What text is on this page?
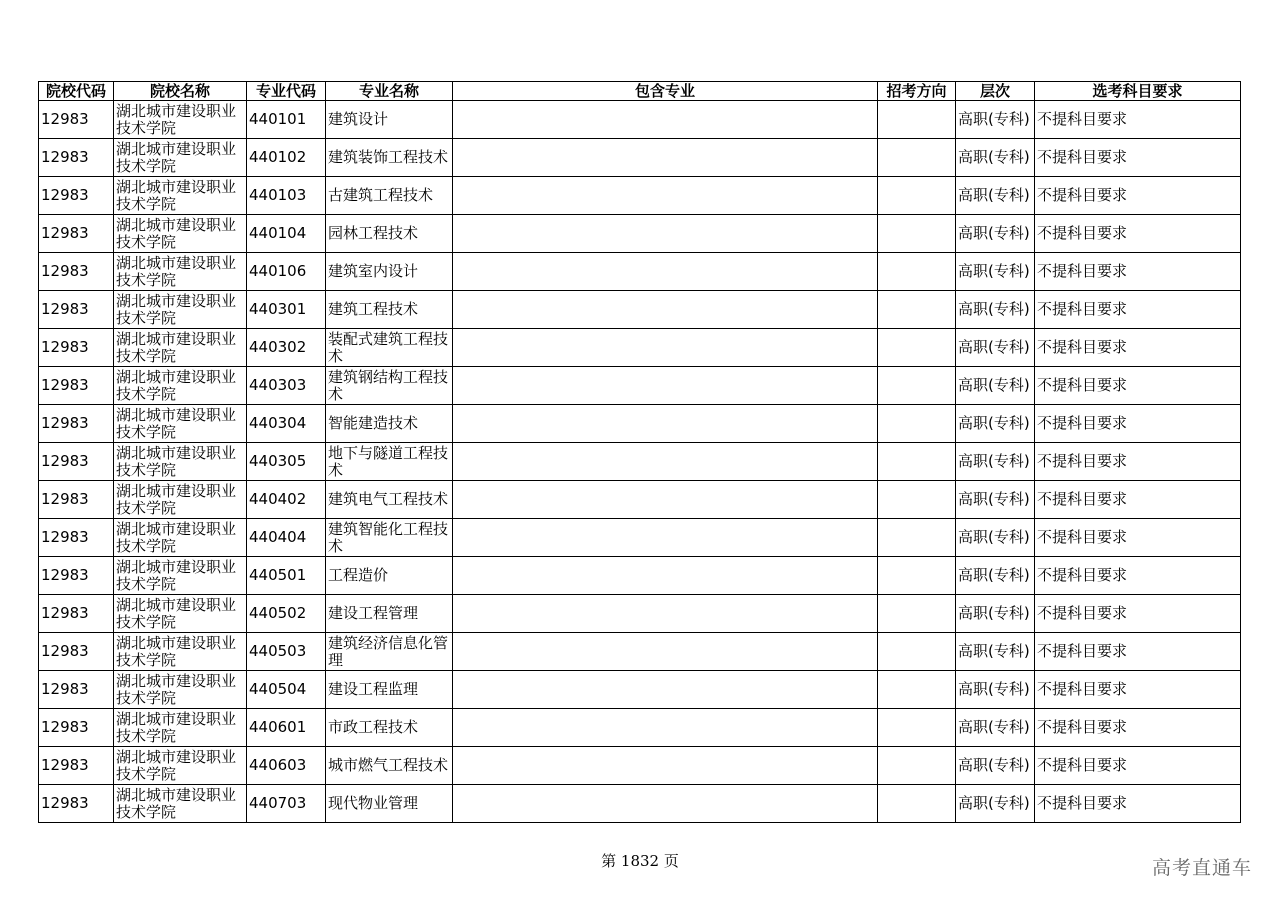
院校代码	院校名称	专业代码	专业名称	包含专业	招考方向	层次	选考科目要求
12983	湖北城市建设职业技术学院	440101	建筑设计			高职(专科)	不提科目要求
12983	湖北城市建设职业技术学院	440102	建筑装饰工程技术			高职(专科)	不提科目要求
12983	湖北城市建设职业技术学院	440103	古建筑工程技术			高职(专科)	不提科目要求
12983	湖北城市建设职业技术学院	440104	园林工程技术			高职(专科)	不提科目要求
12983	湖北城市建设职业技术学院	440106	建筑室内设计			高职(专科)	不提科目要求
12983	湖北城市建设职业技术学院	440301	建筑工程技术			高职(专科)	不提科目要求
12983	湖北城市建设职业技术学院	440302	装配式建筑工程技术			高职(专科)	不提科目要求
12983	湖北城市建设职业技术学院	440303	建筑钢结构工程技术			高职(专科)	不提科目要求
12983	湖北城市建设职业技术学院	440304	智能建造技术			高职(专科)	不提科目要求
12983	湖北城市建设职业技术学院	440305	地下与隧道工程技术			高职(专科)	不提科目要求
12983	湖北城市建设职业技术学院	440402	建筑电气工程技术			高职(专科)	不提科目要求
12983	湖北城市建设职业技术学院	440404	建筑智能化工程技术			高职(专科)	不提科目要求
12983	湖北城市建设职业技术学院	440501	工程造价			高职(专科)	不提科目要求
12983	湖北城市建设职业技术学院	440502	建设工程管理			高职(专科)	不提科目要求
12983	湖北城市建设职业技术学院	440503	建筑经济信息化管理			高职(专科)	不提科目要求
12983	湖北城市建设职业技术学院	440504	建设工程监理			高职(专科)	不提科目要求
12983	湖北城市建设职业技术学院	440601	市政工程技术			高职(专科)	不提科目要求
12983	湖北城市建设职业技术学院	440603	城市燃气工程技术			高职(专科)	不提科目要求
12983	湖北城市建设职业技术学院	440703	现代物业管理			高职(专科)	不提科目要求
第 1832 页	高考直通车
